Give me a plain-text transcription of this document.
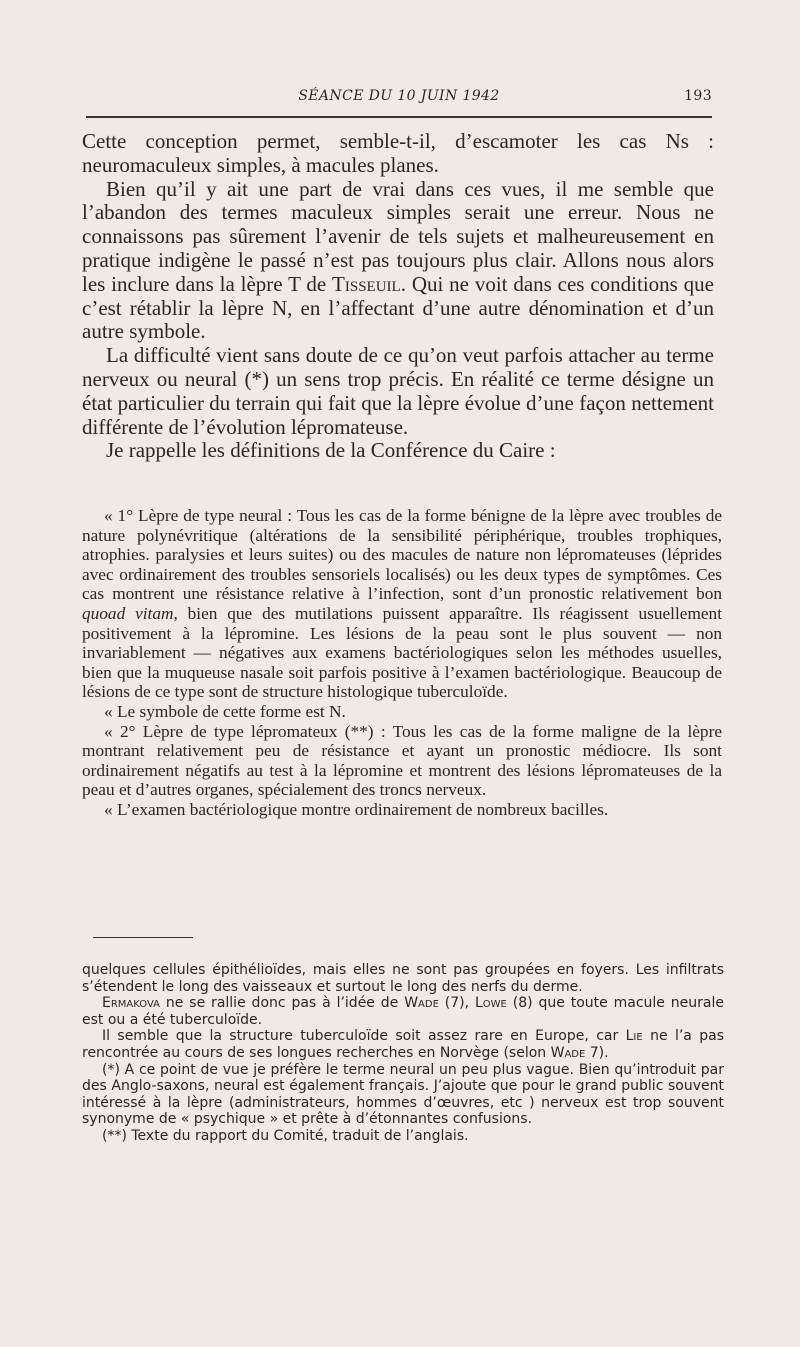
SÉANCE DU 10 JUIN 1942	193

Cette conception permet, semble-t-il, d’escamoter les cas Ns : neuromaculeux simples, à macules planes.

Bien qu’il y ait une part de vrai dans ces vues, il me semble que l’abandon des termes maculeux simples serait une erreur. Nous ne connaissons pas sûrement l’avenir de tels sujets et malheureusement en pratique indigène le passé n’est pas toujours plus clair. Allons nous alors les inclure dans la lèpre T de Tisseuil. Qui ne voit dans ces conditions que c’est rétablir la lèpre N, en l’affectant d’une autre dénomination et d’un autre symbole.

La difficulté vient sans doute de ce qu’on veut parfois attacher au terme nerveux ou neural (*) un sens trop précis. En réalité ce terme désigne un état particulier du terrain qui fait que la lèpre évolue d’une façon nettement différente de l’évolution lépromateuse.

Je rappelle les définitions de la Conférence du Caire :

« 1° Lèpre de type neural : Tous les cas de la forme bénigne de la lèpre avec troubles de nature polynévritique (altérations de la sensibilité périphérique, troubles trophiques, atrophies. paralysies et leurs suites) ou des macules de nature non lépromateuses (léprides avec ordinairement des troubles sensoriels localisés) ou les deux types de symptômes. Ces cas montrent une résistance relative à l’infection, sont d’un pronostic relativement bon quoad vitam, bien que des mutilations puissent apparaître. Ils réagissent usuellement positivement à la lépromine. Les lésions de la peau sont le plus souvent — non invariablement — négatives aux examens bactériologiques selon les méthodes usuelles, bien que la muqueuse nasale soit parfois positive à l’examen bactériologique. Beaucoup de lésions de ce type sont de structure histologique tuberculoïde.

« Le symbole de cette forme est N.

« 2° Lèpre de type lépromateux (**) : Tous les cas de la forme maligne de la lèpre montrant relativement peu de résistance et ayant un pronostic médiocre. Ils sont ordinairement négatifs au test à la lépromine et montrent des lésions lépromateuses de la peau et d’autres organes, spécialement des troncs nerveux.

« L’examen bactériologique montre ordinairement de nombreux bacilles.

quelques cellules épithélioïdes, mais elles ne sont pas groupées en foyers. Les infiltrats s’étendent le long des vaisseaux et surtout le long des nerfs du derme.

Ermakova ne se rallie donc pas à l’idée de Wade (7), Lowe (8) que toute macule neurale est ou a été tuberculoïde.

Il semble que la structure tuberculoïde soit assez rare en Europe, car Lie ne l’a pas rencontrée au cours de ses longues recherches en Norvège (selon Wade 7).

(*) A ce point de vue je préfère le terme neural un peu plus vague. Bien qu’introduit par des Anglo-saxons, neural est également français. J’ajoute que pour le grand public souvent intéressé à la lèpre (administrateurs, hommes d’œuvres, etc ) nerveux est trop souvent synonyme de « psychique » et prête à d’étonnantes confusions.

(**) Texte du rapport du Comité, traduit de l’anglais.
